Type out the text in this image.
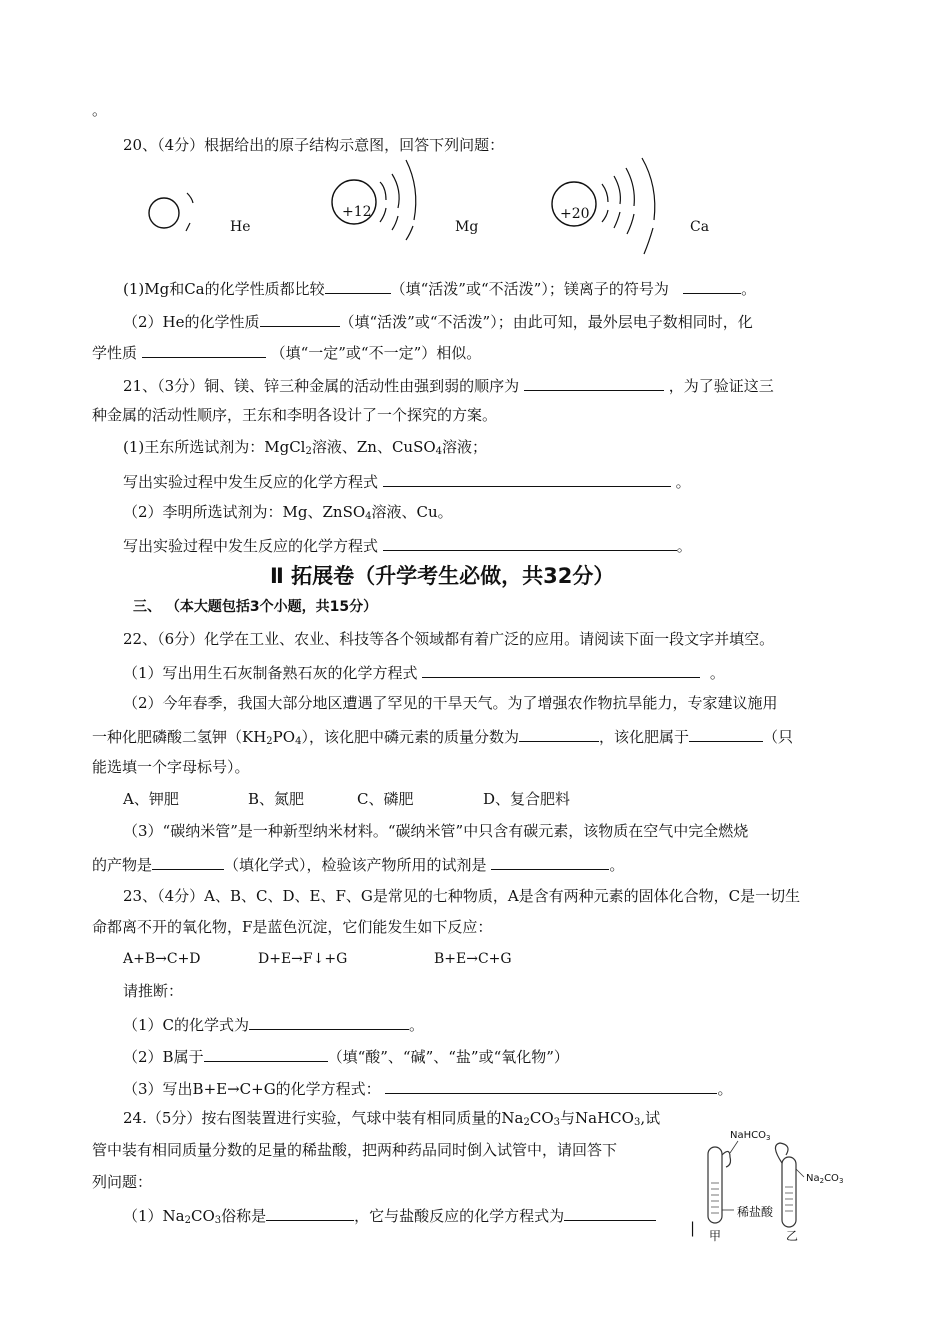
。
20、（4分）根据给出的原子结构示意图，回答下列问题：
He
+12
Mg
+20
Ca
(1)Mg和Ca的化学性质都比较	（填“活泼”或“不活泼”）；镁离子的符号为	。
（2）He的化学性质	（填“活泼”或“不活泼”）；由此可知，最外层电子数相同时，化
学性质	（填“一定”或“不一定”）相似。
21、（3分）铜、镁、锌三种金属的活动性由强到弱的顺序为	，为了验证这三
种金属的活动性顺序，王东和李明各设计了一个探究的方案。
(1)王东所选试剂为：MgCl$_2$溶液、Zn、CuSO$_4$溶液；
写出实验过程中发生反应的化学方程式	。
（2）李明所选试剂为：Mg、ZnSO$_4$溶液、Cu。
写出实验过程中发生反应的化学方程式	。
Ⅱ 拓展卷（升学考生必做，共32分）
三、 （本大题包括3个小题，共15分）
22、（6分）化学在工业、农业、科技等各个领域都有着广泛的应用。请阅读下面一段文字并填空。
（1）写出用生石灰制备熟石灰的化学方程式	。
（2）今年春季，我国大部分地区遭遇了罕见的干旱天气。为了增强农作物抗旱能力，专家建议施用
一种化肥磷酸二氢钾$(KH_2PO_4)$，该化肥中磷元素的质量分数为	，该化肥属于	（只
能选填一个字母标号）。
A、钾肥	B、氮肥	C、磷肥	D、复合肥料
（3）“碳纳米管”是一种新型纳米材料。“碳纳米管”中只含有碳元素，该物质在空气中完全燃烧
的产物是	（填化学式），检验该产物所用的试剂是	。
23、（4分）A、B、C、D、E、F、G是常见的七种物质，A是含有两种元素的固体化合物，C是一切生
命都离不开的氧化物，F是蓝色沉淀，它们能发生如下反应：
A+B→C+D	D+E→F↓+G	B+E→C+G
请推断：
（1）C的化学式为	。
（2）B属于	（填“酸”、“碱”、“盐”或“氧化物”）
（3）写出B+E→C+G的化学方程式：	。
24.（5分）按右图装置进行实验，气球中装有相同质量的$Na_2CO_3$与NaHCO$_3$,试
管中装有相同质量分数的足量的稀盐酸，把两种药品同时倒入试管中，请回答下
列问题：
$(1)Na_2CO_3$俗称是	，它与盐酸反应的化学方程式为
|
NaHCO$_3$
$Na_2CO_3$
稀盐酸
甲	乙
